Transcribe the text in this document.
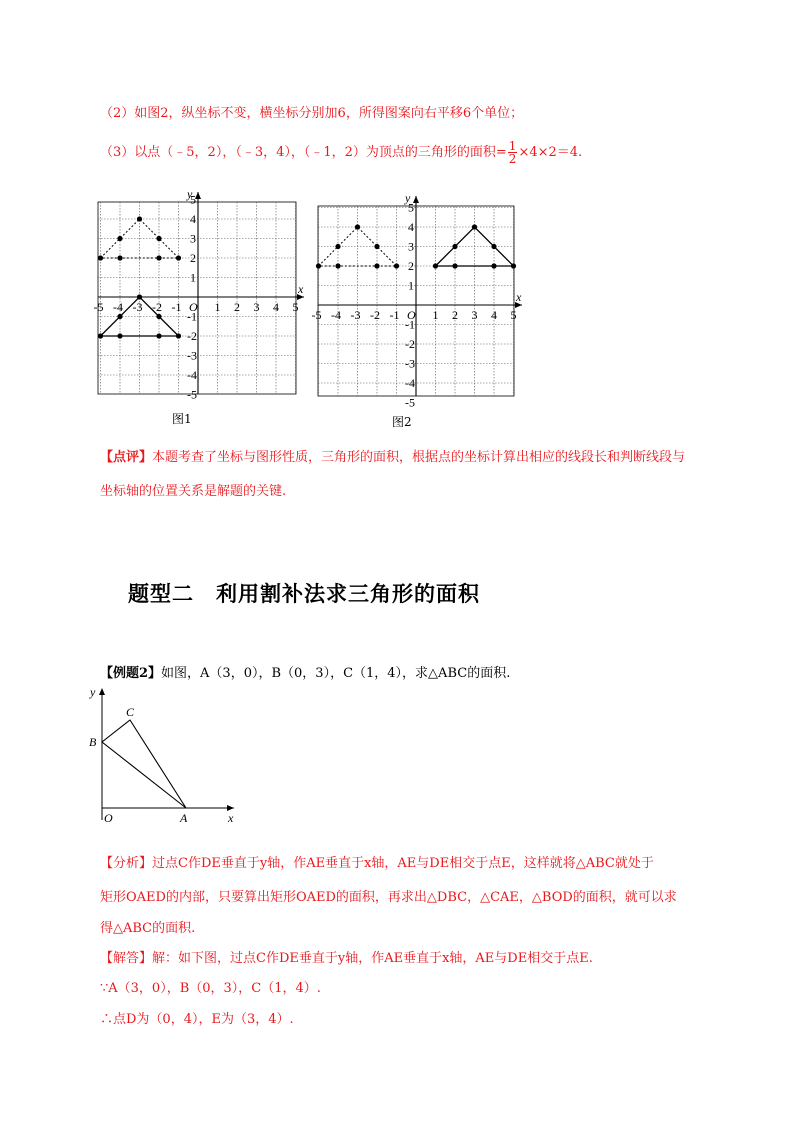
（2）如图2，纵坐标不变，横坐标分别加6，所得图案向右平移6个单位；
（3）以点（﹣5，2），（﹣3，4），（﹣1，2）为顶点的三角形的面积= $\frac{1}{2} \times 4\times 2=4$.
x
y
-5 -4 -3 -2 -1 O 1 2 3 4 5
5
4
3
2
1
-1
-2
-3
-4
-5
图1
x
y
-5 -4 -3 -2 -1 O 1 2 3 4 5
5
4
3
2
1
-1
-2
-3
-4
-5
图2
【点评】本题考查了坐标与图形性质，三角形的面积，根据点的坐标计算出相应的线段长和判断线段与
坐标轴的位置关系是解题的关键.
题型二　利用割补法求三角形的面积
【例题2】如图，A（3，0），B（0，3），C（1，4），求△ABC的面积.
y
x
O	A
B
C
【分析】过点C作DE垂直于y轴，作AE垂直于x轴，AE与DE相交于点E，这样就将△ABC就处于
矩形OAED的内部，只要算出矩形OAED的面积，再求出△DBC，△CAE，△BOD的面积，就可以求
得△ABC的面积.
【解答】解：如下图，过点C作DE垂直于y轴，作AE垂直于x轴，AE与DE相交于点E.
∵A（3，0），B（0，3），C（1，4）.
∴点D为（0，4），E为（3，4）.
